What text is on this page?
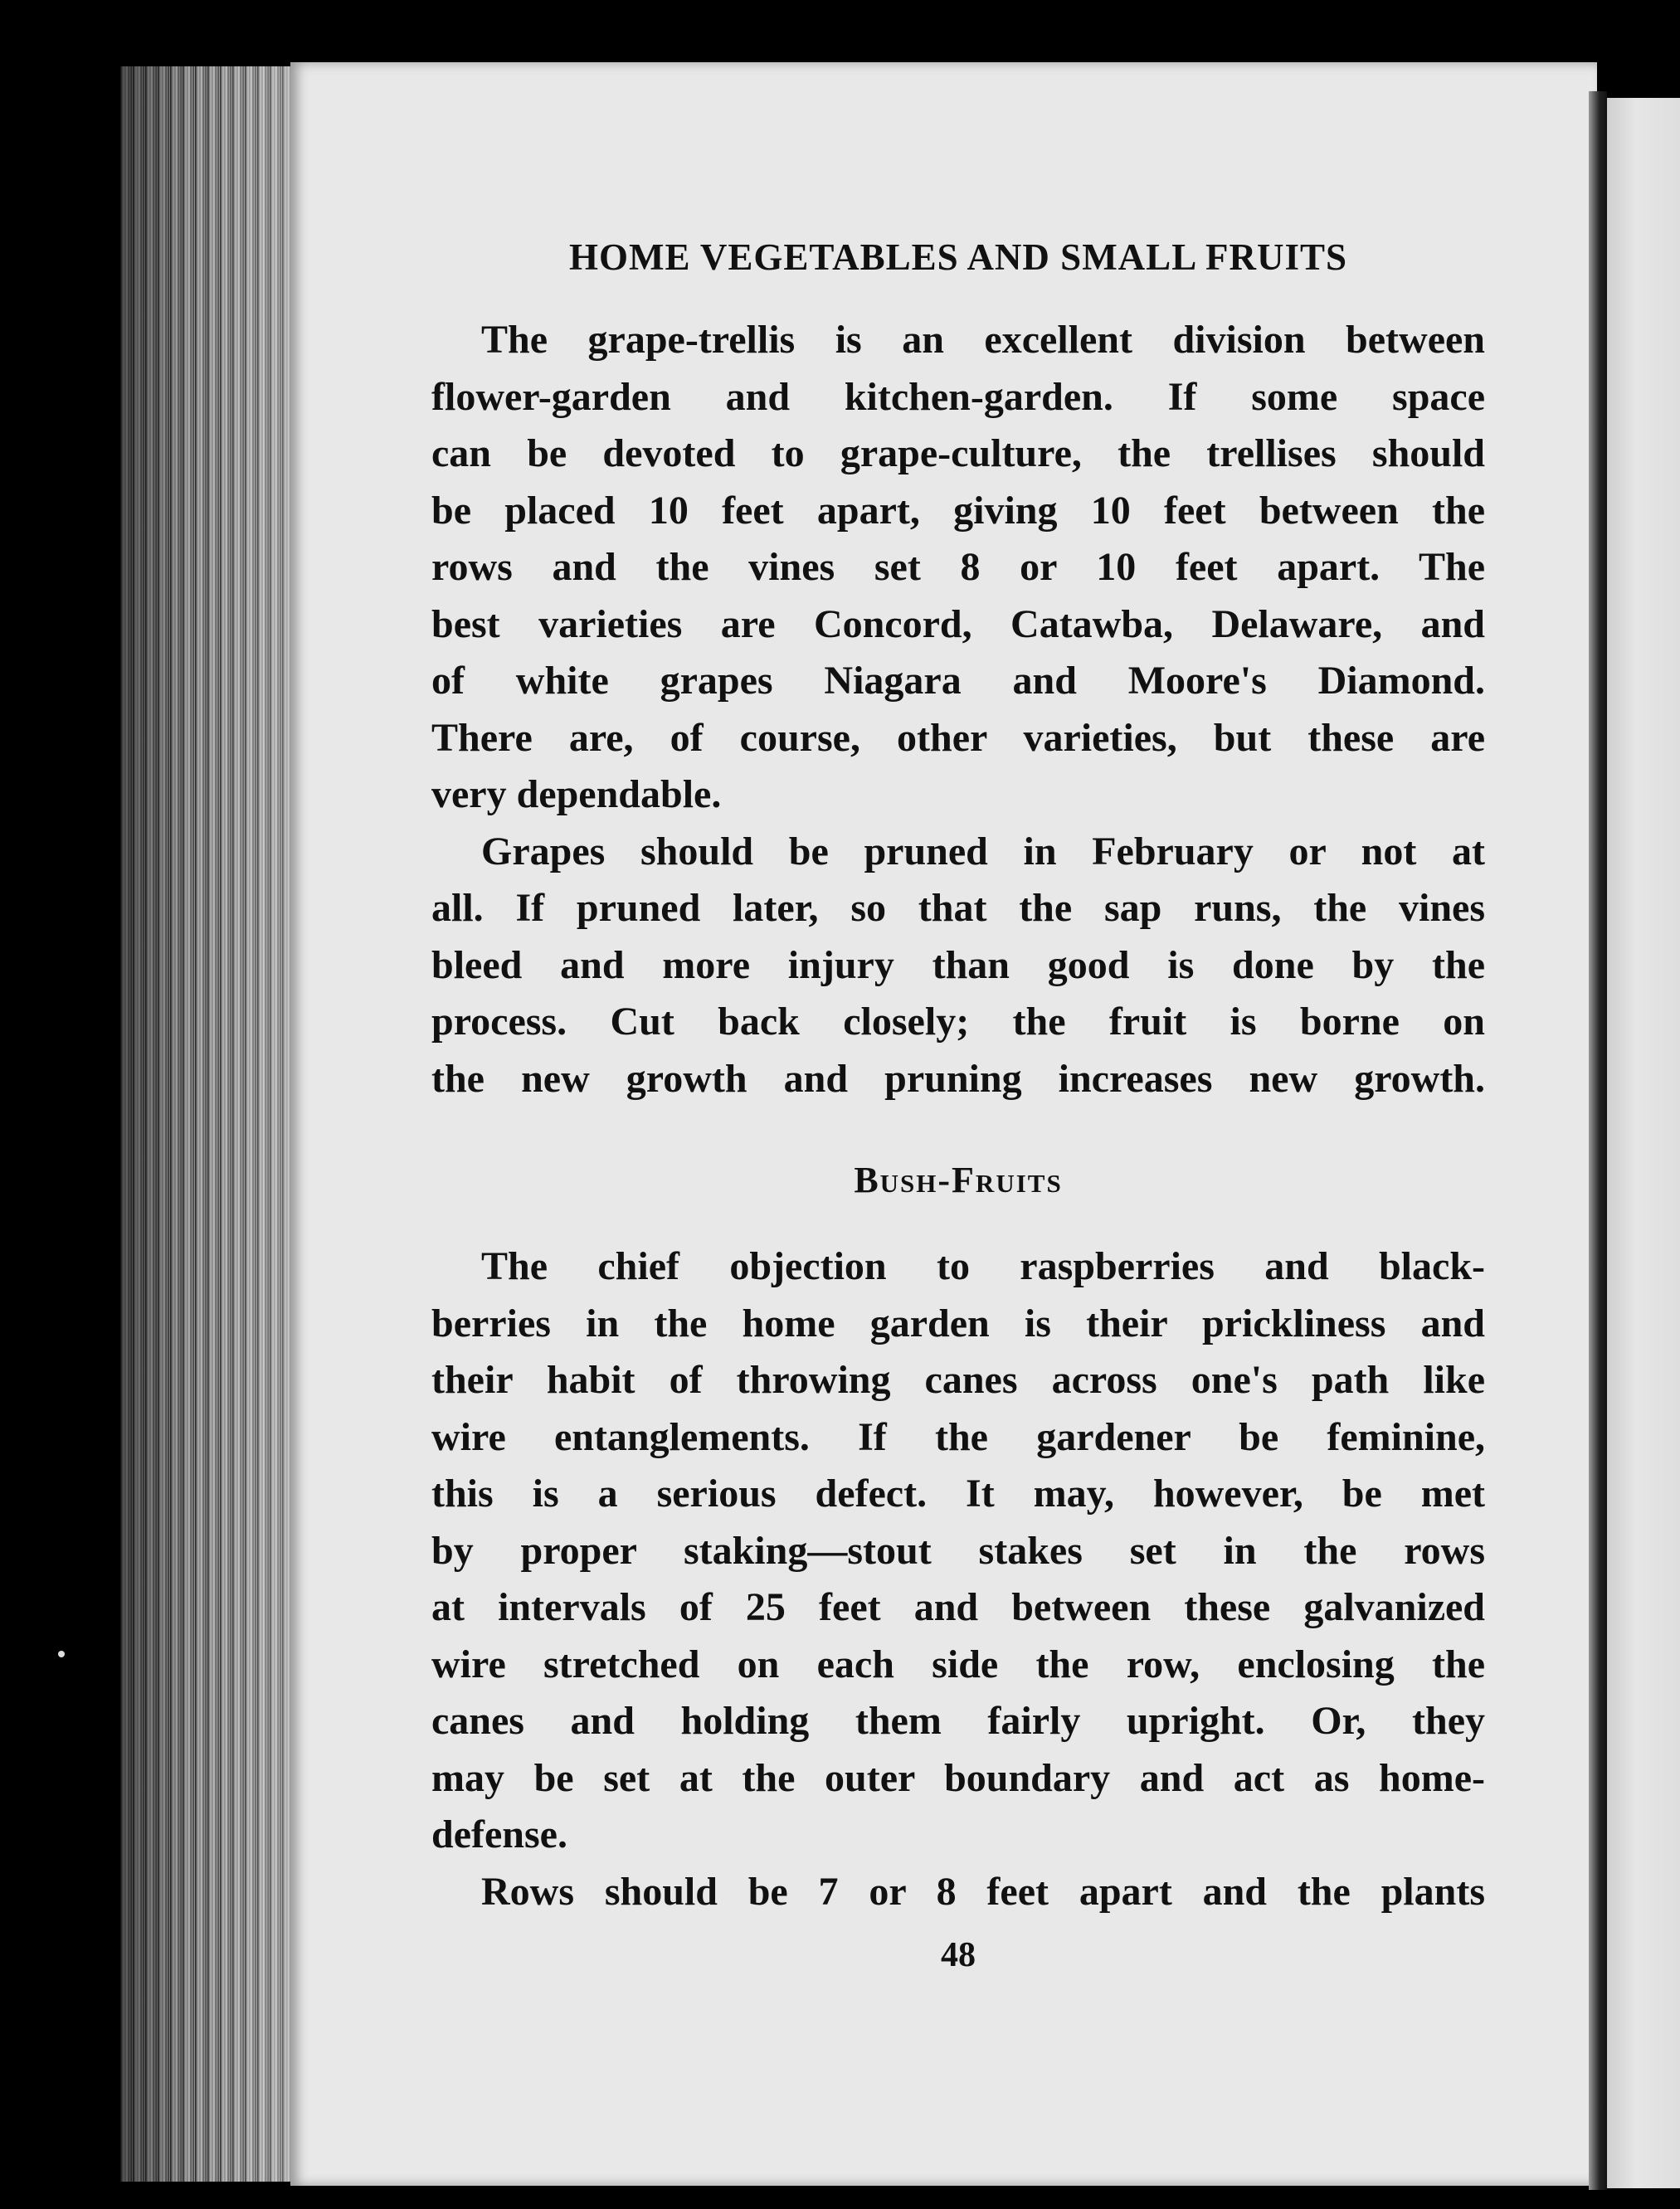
HOME VEGETABLES AND SMALL FRUITS

The grape-trellis is an excellent division between
flower-garden and kitchen-garden. If some space
can be devoted to grape-culture, the trellises should
be placed 10 feet apart, giving 10 feet between the
rows and the vines set 8 or 10 feet apart. The
best varieties are Concord, Catawba, Delaware, and
of white grapes Niagara and Moore's Diamond.
There are, of course, other varieties, but these are
very dependable.

Grapes should be pruned in February or not at
all. If pruned later, so that the sap runs, the vines
bleed and more injury than good is done by the
process. Cut back closely; the fruit is borne on
the new growth and pruning increases new growth.

Bush-Fruits

The chief objection to raspberries and black-
berries in the home garden is their prickliness and
their habit of throwing canes across one's path like
wire entanglements. If the gardener be feminine,
this is a serious defect. It may, however, be met
by proper staking—stout stakes set in the rows
at intervals of 25 feet and between these galvanized
wire stretched on each side the row, enclosing the
canes and holding them fairly upright. Or, they
may be set at the outer boundary and act as home-
defense.

Rows should be 7 or 8 feet apart and the plants

48
